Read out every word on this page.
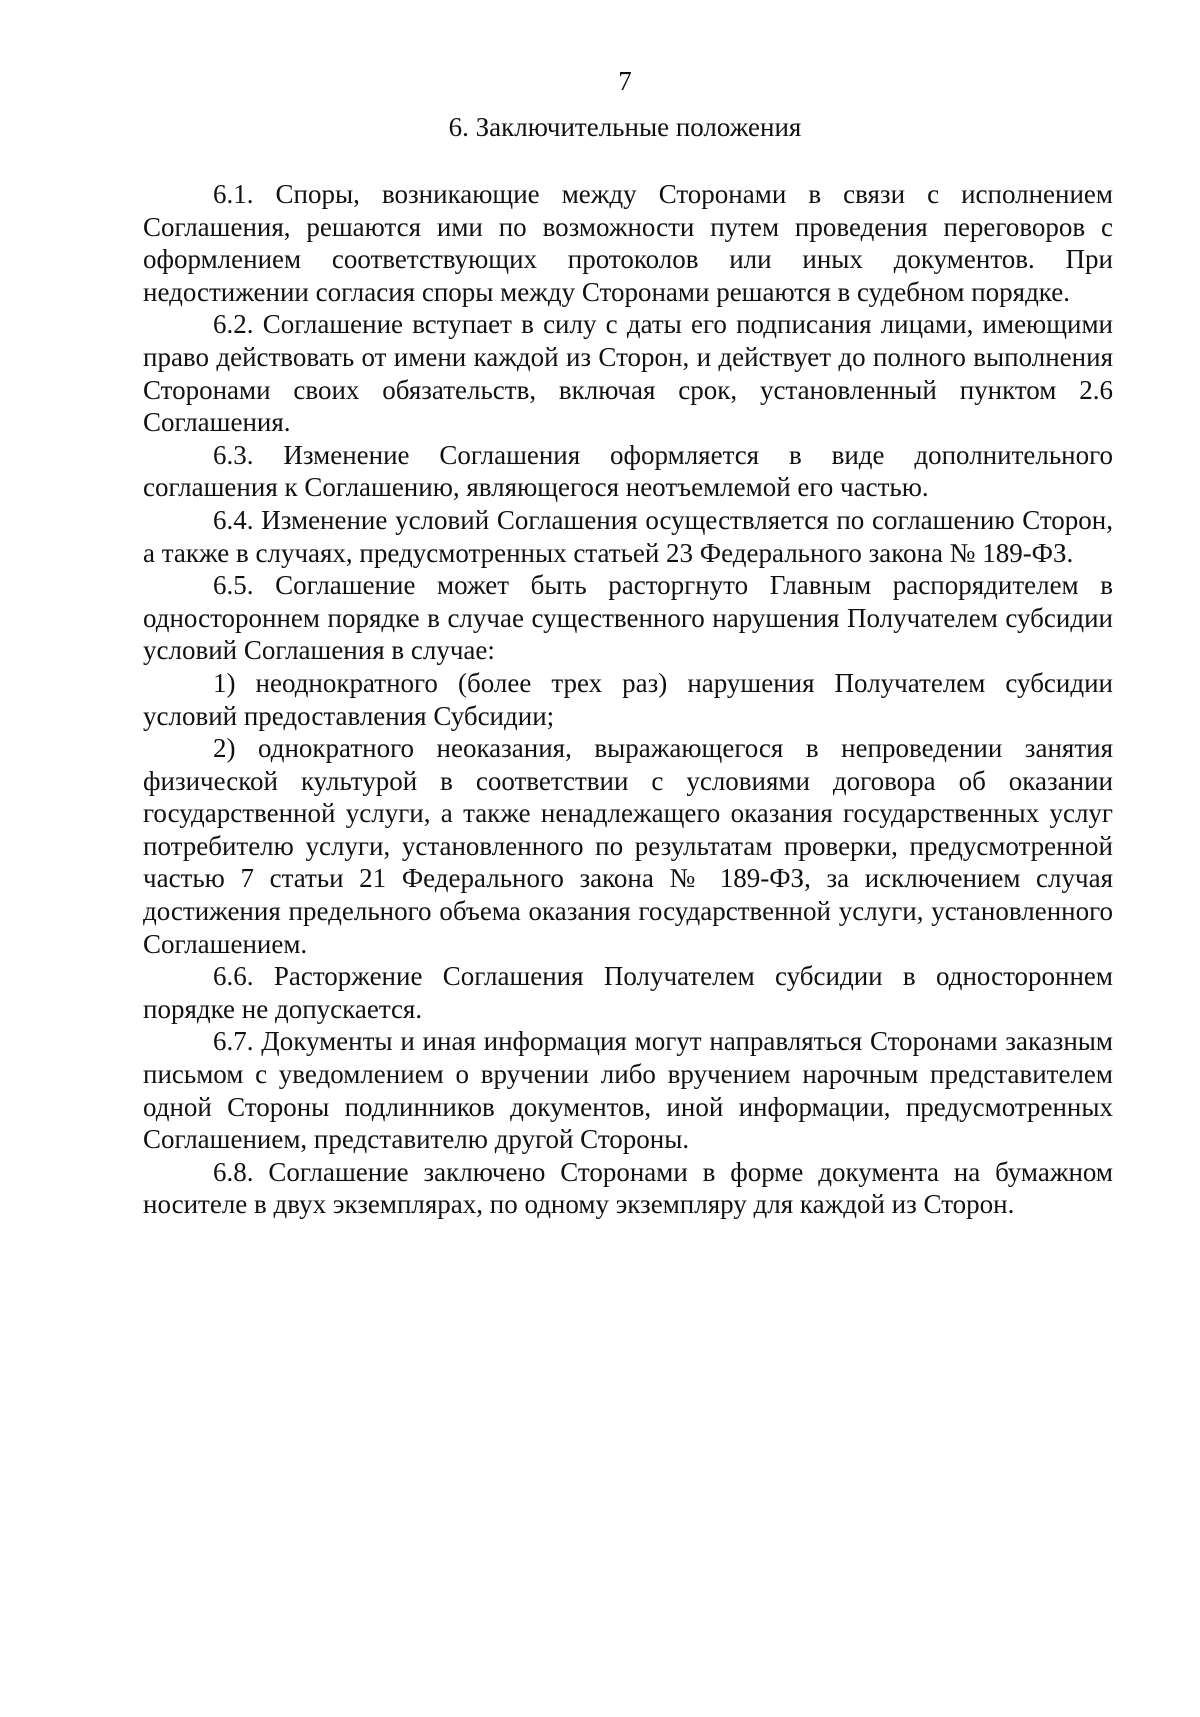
7
6. Заключительные положения

6.1. Споры, возникающие между Сторонами в связи с исполнением Соглашения, решаются ими по возможности путем проведения переговоров с оформлением соответствующих протоколов или иных документов. При недостижении согласия споры между Сторонами решаются в судебном порядке.

6.2. Соглашение вступает в силу с даты его подписания лицами, имеющими право действовать от имени каждой из Сторон, и действует до полного выполнения Сторонами своих обязательств, включая срок, установленный пунктом 2.6 Соглашения.

6.3. Изменение Соглашения оформляется в виде дополнительного соглашения к Соглашению, являющегося неотъемлемой его частью.

6.4. Изменение условий Соглашения осуществляется по соглашению Сторон, а также в случаях, предусмотренных статьей 23 Федерального закона № 189-ФЗ.

6.5. Соглашение может быть расторгнуто Главным распорядителем в одностороннем порядке в случае существенного нарушения Получателем субсидии условий Соглашения в случае:

1) неоднократного (более трех раз) нарушения Получателем субсидии условий предоставления Субсидии;

2) однократного неоказания, выражающегося в непроведении занятия физической культурой в соответствии с условиями договора об оказании государственной услуги, а также ненадлежащего оказания государственных услуг потребителю услуги, установленного по результатам проверки, предусмотренной частью 7 статьи 21 Федерального закона № 189-ФЗ, за исключением случая достижения предельного объема оказания государственной услуги, установленного Соглашением.

6.6. Расторжение Соглашения Получателем субсидии в одностороннем порядке не допускается.

6.7. Документы и иная информация могут направляться Сторонами заказным письмом с уведомлением о вручении либо вручением нарочным представителем одной Стороны подлинников документов, иной информации, предусмотренных Соглашением, представителю другой Стороны.

6.8. Соглашение заключено Сторонами в форме документа на бумажном носителе в двух экземплярах, по одному экземпляру для каждой из Сторон.
